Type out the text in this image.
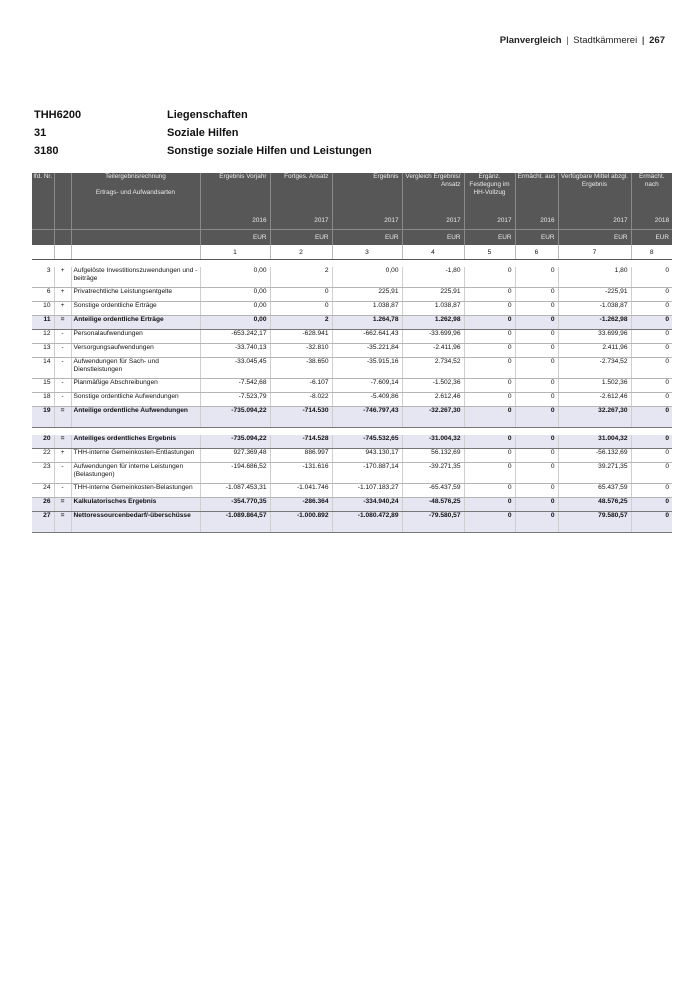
Planvergleich | Stadtkämmerei | 267
THH6200	Liegenschaften
31	Soziale Hilfen
3180	Sonstige soziale Hilfen und Leistungen
lfd. Nr.		Teilergebnisrechnung
Ertrags- und Aufwandsarten	Ergebnis Vorjahr	Fortges. Ansatz	Ergebnis	Vergleich Ergebnis/ Ansatz	Ergänz. Festlegung im HH-Vollzug	Ermächt. aus	Verfügbare Mittel abzgl. Ergebnis	Ermächt. nach
			2016	2017	2017	2017	2017	2016	2017	2018
			EUR	EUR	EUR	EUR	EUR	EUR	EUR	EUR
			1	2	3	4	5	6	7	8

3	+	Aufgelöste Investitionszuwendungen und -beiträge	0,00	2	0,00	-1,80	0	0	1,80	0
6	+	Privatrechtliche Leistungsentgelte	0,00	0	225,91	225,91	0	0	-225,91	0
10	+	Sonstige ordentliche Erträge	0,00	0	1.038,87	1.038,87	0	0	-1.038,87	0
11	=	Anteilige ordentliche Erträge	0,00	2	1.264,78	1.262,98	0	0	-1.262,98	0
12	-	Personalaufwendungen	-653.242,17	-628.941	-662.641,43	-33.699,96	0	0	33.699,96	0
13	-	Versorgungsaufwendungen	-33.740,13	-32.810	-35.221,84	-2.411,96	0	0	2.411,96	0
14	-	Aufwendungen für Sach- und Dienstleistungen	-33.045,45	-38.650	-35.915,16	2.734,52	0	0	-2.734,52	0
15	-	Planmäßige Abschreibungen	-7.542,68	-6.107	-7.609,14	-1.502,36	0	0	1.502,36	0
18	-	Sonstige ordentliche Aufwendungen	-7.523,79	-8.022	-5.409,86	2.612,46	0	0	-2.612,46	0
19	=	Anteilige ordentliche Aufwendungen	-735.094,22	-714.530	-746.797,43	-32.267,30	0	0	32.267,30	0

20	=	Anteiliges ordentliches Ergebnis	-735.094,22	-714.528	-745.532,65	-31.004,32	0	0	31.004,32	0
22	+	THH-interne Gemeinkosten-Entlastungen	927.369,48	886.997	943.130,17	56.132,69	0	0	-56.132,69	0
23	-	Aufwendungen für interne Leistungen (Belastungen)	-194.686,52	-131.616	-170.887,14	-39.271,35	0	0	39.271,35	0
24	-	THH-interne Gemeinkosten-Belastungen	-1.087.453,31	-1.041.746	-1.107.183,27	-65.437,59	0	0	65.437,59	0
26	=	Kalkulatorisches Ergebnis	-354.770,35	-286.364	-334.940,24	-48.576,25	0	0	48.576,25	0
27	=	Nettoressourcenbedarf/-überschüsse	-1.089.864,57	-1.000.892	-1.080.472,89	-79.580,57	0	0	79.580,57	0
